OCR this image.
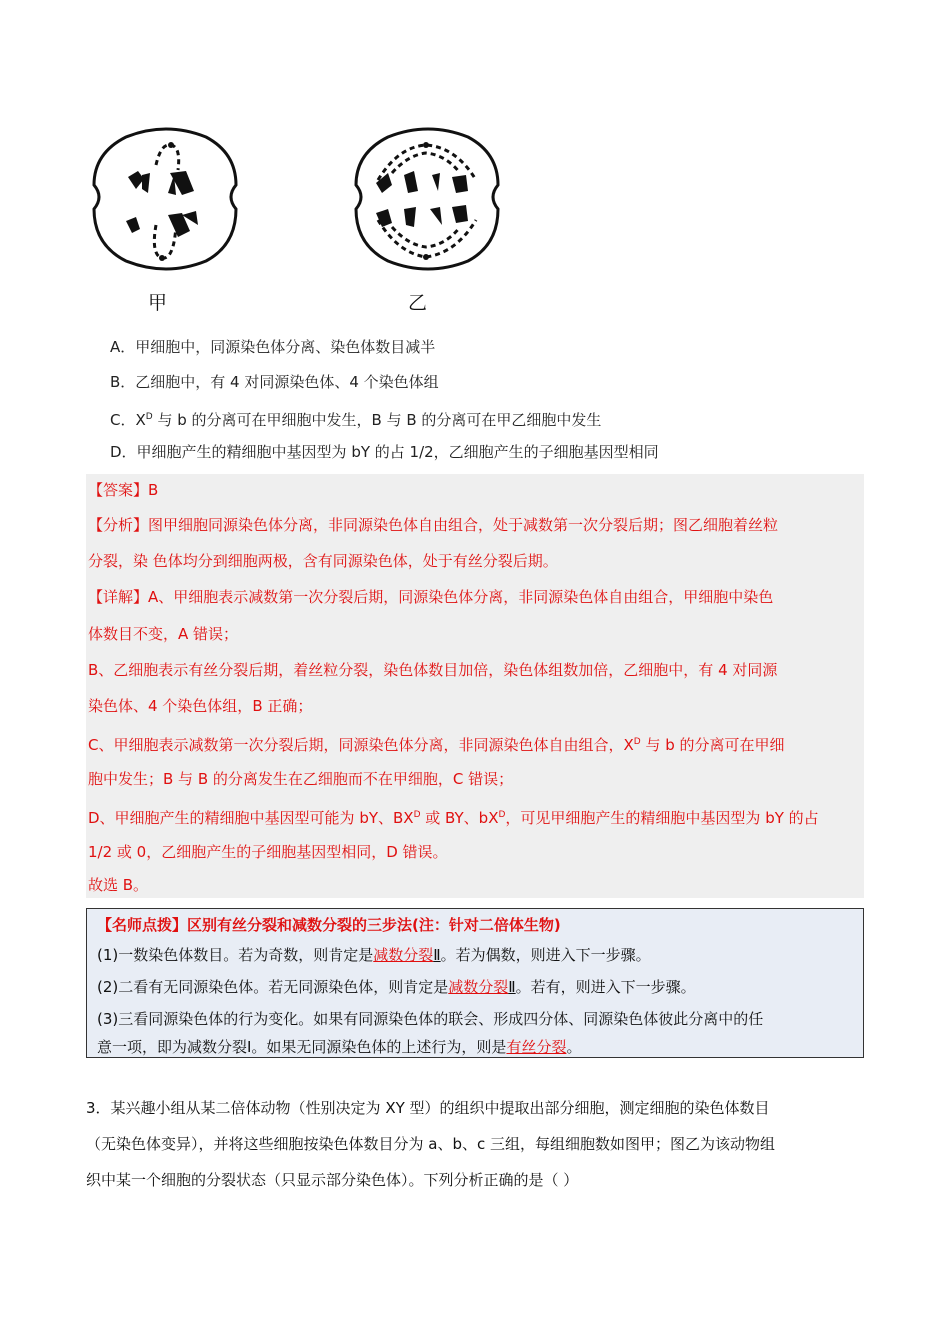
甲	乙
A．甲细胞中，同源染色体分离、染色体数目减半
B．乙细胞中，有 4 对同源染色体、4 个染色体组
C．$X^D$ 与 b 的分离可在甲细胞中发生，B 与 B 的分离可在甲乙细胞中发生
D．甲细胞产生的精细胞中基因型为 bY 的占 1/2，乙细胞产生的子细胞基因型相同
【答案】B
【分析】图甲细胞同源染色体分离，非同源染色体自由组合，处于减数第一次分裂后期；图乙细胞着丝粒
分裂，染 色体均分到细胞两极，含有同源染色体，处于有丝分裂后期。
【详解】A、甲细胞表示减数第一次分裂后期，同源染色体分离，非同源染色体自由组合，甲细胞中染色
体数目不变，A 错误；
B、乙细胞表示有丝分裂后期，着丝粒分裂，染色体数目加倍，染色体组数加倍，乙细胞中，有 4 对同源
染色体、4 个染色体组，B 正确；
C、甲细胞表示减数第一次分裂后期，同源染色体分离，非同源染色体自由组合，$X^D$ 与 b 的分离可在甲细
胞中发生；B 与 B 的分离发生在乙细胞而不在甲细胞，C 错误；
D、甲细胞产生的精细胞中基因型可能为 bY、$BX^D$ 或 BY、$bX^D$，可见甲细胞产生的精细胞中基因型为 bY 的占
1/2 或 0，乙细胞产生的子细胞基因型相同，D 错误。
故选 B。
【名师点拨】区别有丝分裂和减数分裂的三步法(注：针对二倍体生物)
(1)一数染色体数目。若为奇数，则肯定是减数分裂Ⅱ。若为偶数，则进入下一步骤。
(2)二看有无同源染色体。若无同源染色体，则肯定是减数分裂Ⅱ。若有，则进入下一步骤。
(3)三看同源染色体的行为变化。如果有同源染色体的联会、形成四分体、同源染色体彼此分离中的任
意一项，即为减数分裂Ⅰ。如果无同源染色体的上述行为，则是有丝分裂。
3．某兴趣小组从某二倍体动物（性别决定为 XY 型）的组织中提取出部分细胞，测定细胞的染色体数目
（无染色体变异），并将这些细胞按染色体数目分为 a、b、c 三组，每组细胞数如图甲；图乙为该动物组
织中某一个细胞的分裂状态（只显示部分染色体）。下列分析正确的是（ ）
